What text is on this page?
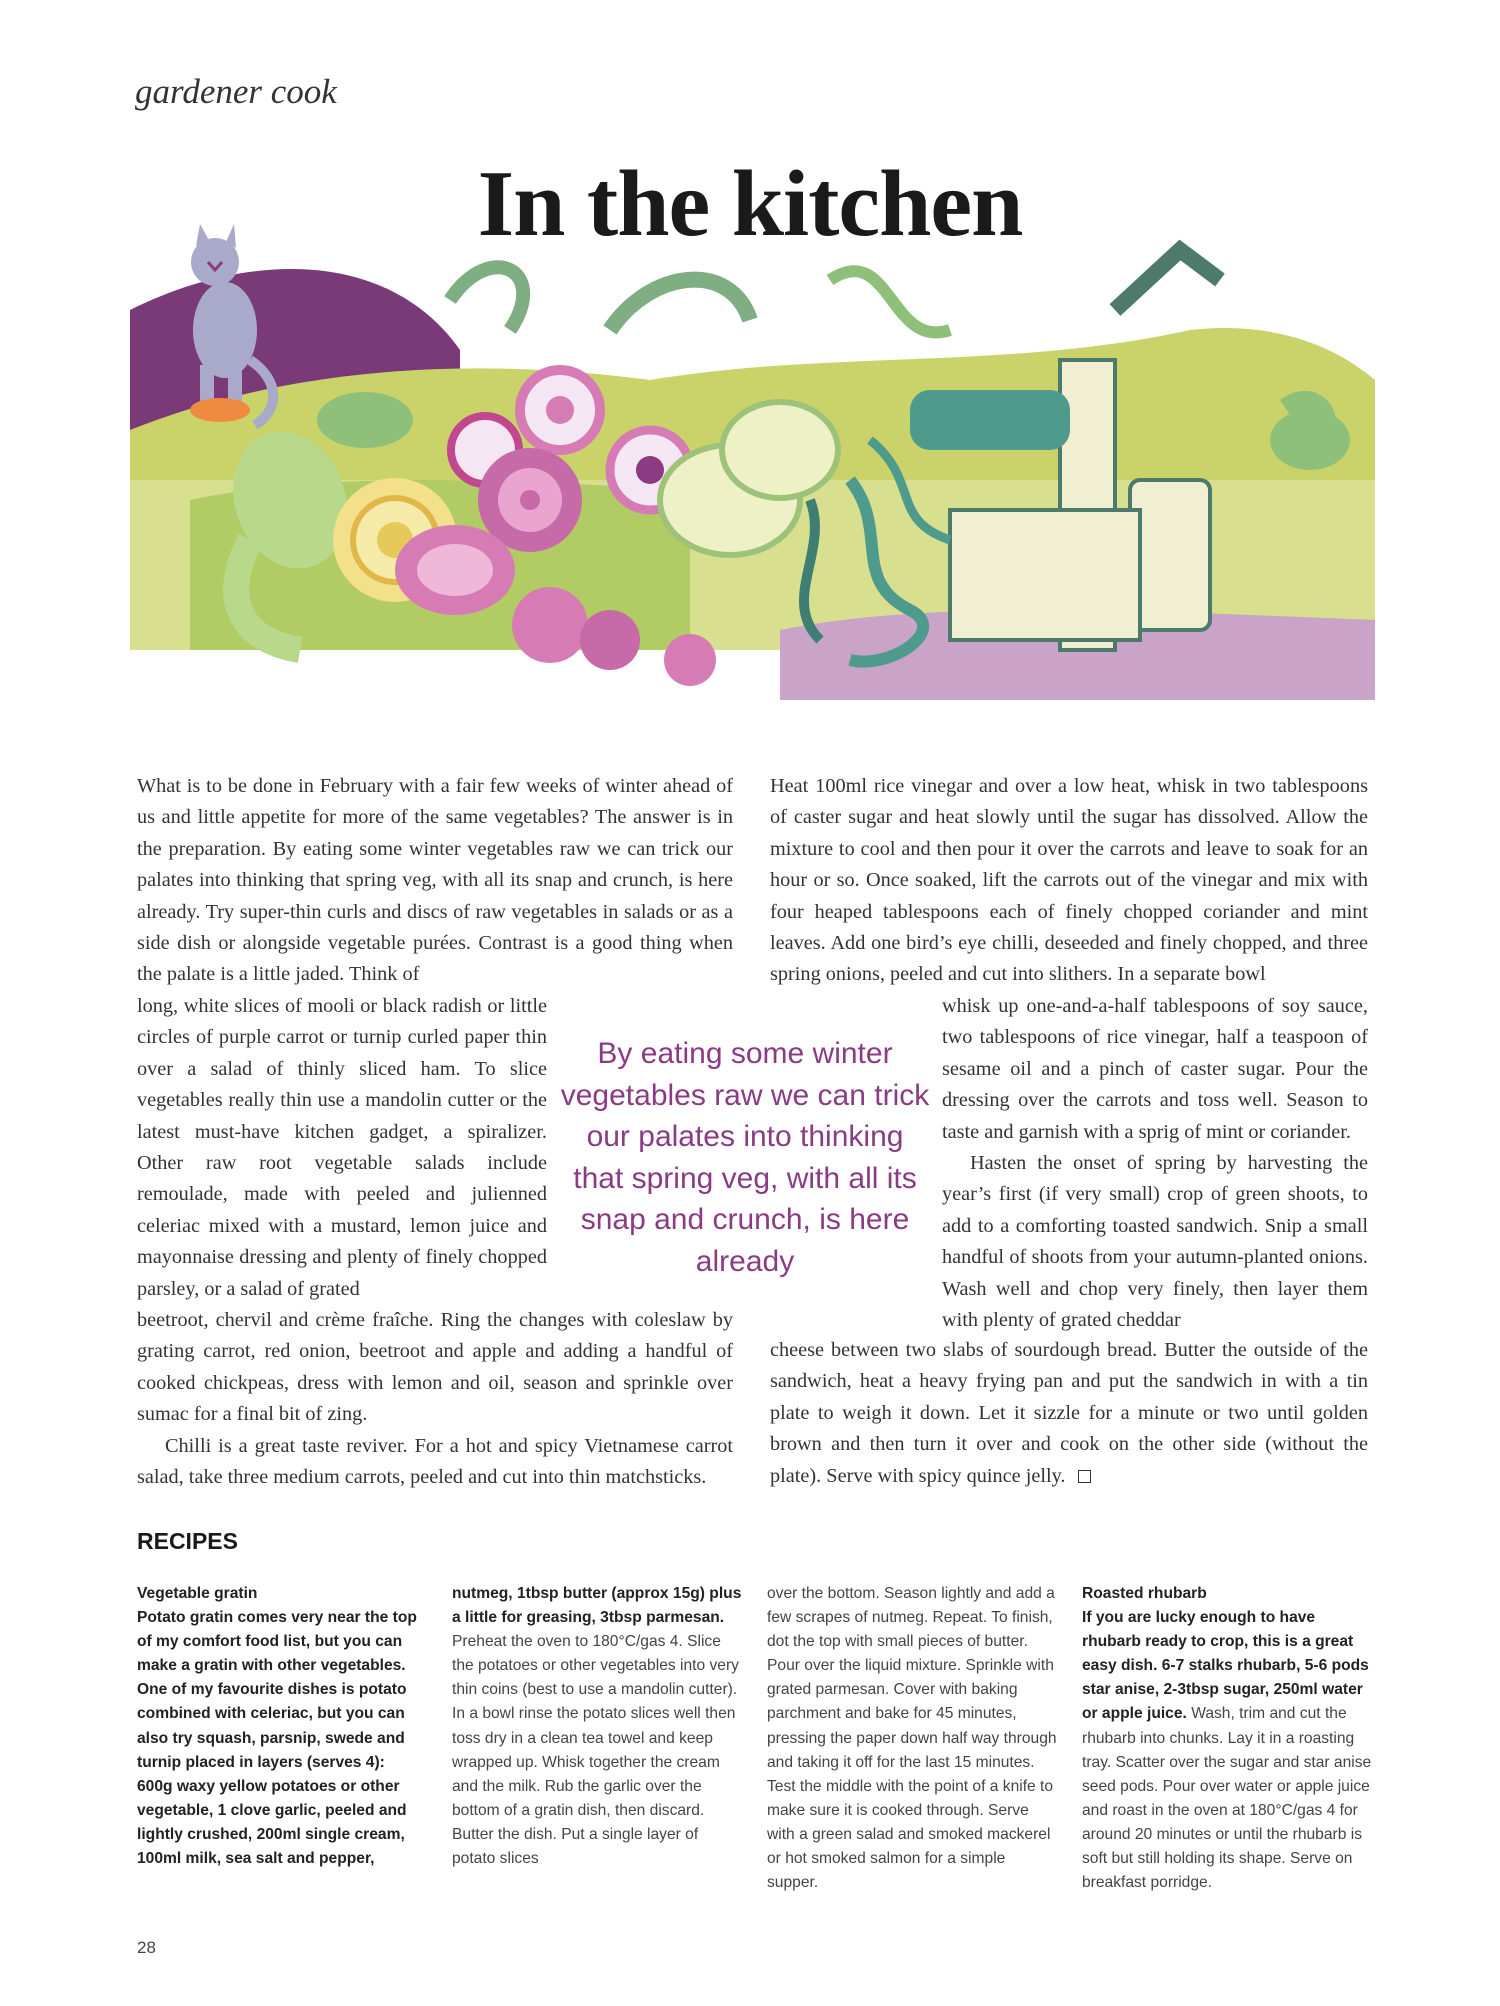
gardener cook
In the kitchen

What is to be done in February with a fair few weeks of winter ahead of us and little appetite for more of the same vegetables? The answer is in the preparation. By eating some winter vegetables raw we can trick our palates into thinking that spring veg, with all its snap and crunch, is here already. Try super-thin curls and discs of raw vegetables in salads or as a side dish or alongside vegetable purées. Contrast is a good thing when the palate is a little jaded. Think of

long, white slices of mooli or black radish or little circles of purple carrot or turnip curled paper thin over a salad of thinly sliced ham. To slice vegetables really thin use a mandolin cutter or the latest must-have kitchen gadget, a spiralizer. Other raw root vegetable salads include remoulade, made with peeled and julienned celeriac mixed with a mustard, lemon juice and mayonnaise dressing and plenty of finely chopped parsley, or a salad of grated

beetroot, chervil and crème fraîche. Ring the changes with coleslaw by grating carrot, red onion, beetroot and apple and adding a handful of cooked chickpeas, dress with lemon and oil, season and sprinkle over sumac for a final bit of zing.

Chilli is a great taste reviver. For a hot and spicy Vietnamese carrot salad, take three medium carrots, peeled and cut into thin matchsticks.

By eating some winter vegetables raw we can trick our palates into thinking that spring veg, with all its snap and crunch, is here already

Heat 100ml rice vinegar and over a low heat, whisk in two tablespoons of caster sugar and heat slowly until the sugar has dissolved. Allow the mixture to cool and then pour it over the carrots and leave to soak for an hour or so. Once soaked, lift the carrots out of the vinegar and mix with four heaped tablespoons each of finely chopped coriander and mint leaves. Add one bird’s eye chilli, deseeded and finely chopped, and three spring onions, peeled and cut into slithers. In a separate bowl

whisk up one-and-a-half tablespoons of soy sauce, two tablespoons of rice vinegar, half a teaspoon of sesame oil and a pinch of caster sugar. Pour the dressing over the carrots and toss well. Season to taste and garnish with a sprig of mint or coriander.

Hasten the onset of spring by harvesting the year’s first (if very small) crop of green shoots, to add to a comforting toasted sandwich. Snip a small handful of shoots from your autumn-planted onions. Wash well and chop very finely, then layer them with plenty of grated cheddar

cheese between two slabs of sourdough bread. Butter the outside of the sandwich, heat a heavy frying pan and put the sandwich in with a tin plate to weigh it down. Let it sizzle for a minute or two until golden brown and then turn it over and cook on the other side (without the plate). Serve with spicy quince jelly.

RECIPES

Vegetable gratin

Potato gratin comes very near the top of my comfort food list, but you can make a gratin with other vegetables. One of my favourite dishes is potato combined with celeriac, but you can also try squash, parsnip, swede and turnip placed in layers (serves 4):

600g waxy yellow potatoes or other vegetable, 1 clove garlic, peeled and lightly crushed, 200ml single cream, 100ml milk, sea salt and pepper,

nutmeg, 1tbsp butter (approx 15g) plus a little for greasing, 3tbsp parmesan.

Preheat the oven to 180°C/gas 4. Slice the potatoes or other vegetables into very thin coins (best to use a mandolin cutter). In a bowl rinse the potato slices well then toss dry in a clean tea towel and keep wrapped up. Whisk together the cream and the milk. Rub the garlic over the bottom of a gratin dish, then discard. Butter the dish. Put a single layer of potato slices

over the bottom. Season lightly and add a few scrapes of nutmeg. Repeat. To finish, dot the top with small pieces of butter. Pour over the liquid mixture. Sprinkle with grated parmesan. Cover with baking parchment and bake for 45 minutes, pressing the paper down half way through and taking it off for the last 15 minutes. Test the middle with the point of a knife to make sure it is cooked through. Serve with a green salad and smoked mackerel or hot smoked salmon for a simple supper.

Roasted rhubarb

If you are lucky enough to have rhubarb ready to crop, this is a great easy dish. 6-7 stalks rhubarb, 5-6 pods star anise, 2-3tbsp sugar, 250ml water or apple juice. Wash, trim and cut the rhubarb into chunks. Lay it in a roasting tray. Scatter over the sugar and star anise seed pods. Pour over water or apple juice and roast in the oven at 180°C/gas 4 for around 20 minutes or until the rhubarb is soft but still holding its shape. Serve on breakfast porridge.

28
